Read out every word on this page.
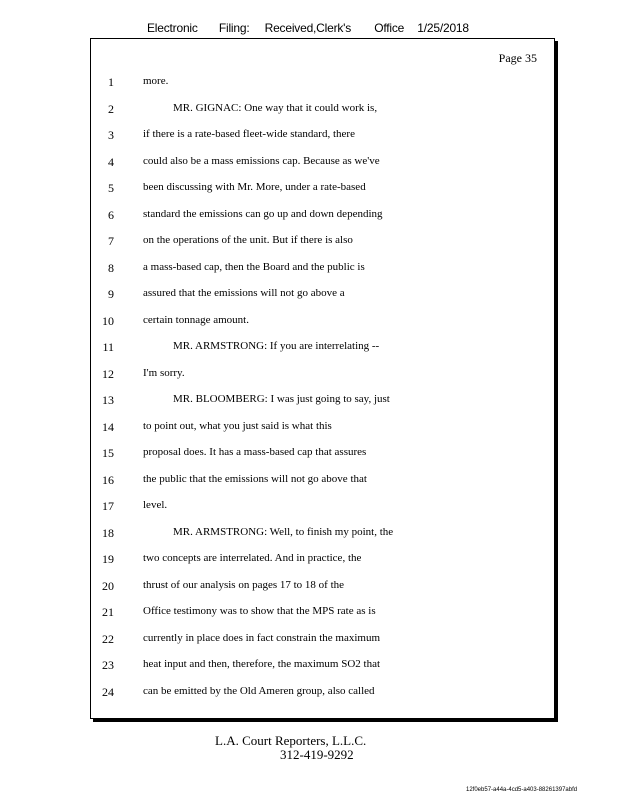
Electronic Filing: Received,Clerk's Office 1/25/2018
Page 35
1	more.
2	MR. GIGNAC: One way that it could work is,
3	if there is a rate-based fleet-wide standard, there
4	could also be a mass emissions cap. Because as we've
5	been discussing with Mr. More, under a rate-based
6	standard the emissions can go up and down depending
7	on the operations of the unit. But if there is also
8	a mass-based cap, then the Board and the public is
9	assured that the emissions will not go above a
10	certain tonnage amount.
11	MR. ARMSTRONG: If you are interrelating --
12	I'm sorry.
13	MR. BLOOMBERG: I was just going to say, just
14	to point out, what you just said is what this
15	proposal does. It has a mass-based cap that assures
16	the public that the emissions will not go above that
17	level.
18	MR. ARMSTRONG: Well, to finish my point, the
19	two concepts are interrelated. And in practice, the
20	thrust of our analysis on pages 17 to 18 of the
21	Office testimony was to show that the MPS rate as is
22	currently in place does in fact constrain the maximum
23	heat input and then, therefore, the maximum SO2 that
24	can be emitted by the Old Ameren group, also called
L.A. Court Reporters, L.L.C.
312-419-9292
12f0eb57-a44a-4cd5-a403-88261397abfd
